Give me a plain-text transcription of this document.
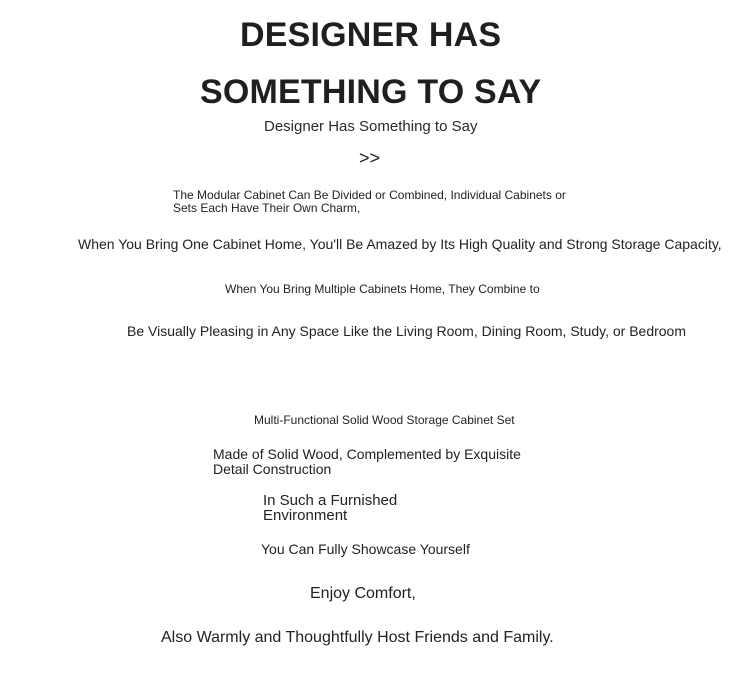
DESIGNER HAS
SOMETHING TO SAY
Designer Has Something to Say
>>
The Modular Cabinet Can Be Divided or Combined, Individual Cabinets or Sets Each Have Their Own Charm,
When You Bring One Cabinet Home, You'll Be Amazed by Its High Quality and Strong Storage Capacity,
When You Bring Multiple Cabinets Home, They Combine to
Be Visually Pleasing in Any Space Like the Living Room, Dining Room, Study, or Bedroom
Multi-Functional Solid Wood Storage Cabinet Set
Made of Solid Wood, Complemented by Exquisite Detail Construction
In Such a Furnished Environment
You Can Fully Showcase Yourself
Enjoy Comfort,
Also Warmly and Thoughtfully Host Friends and Family.
